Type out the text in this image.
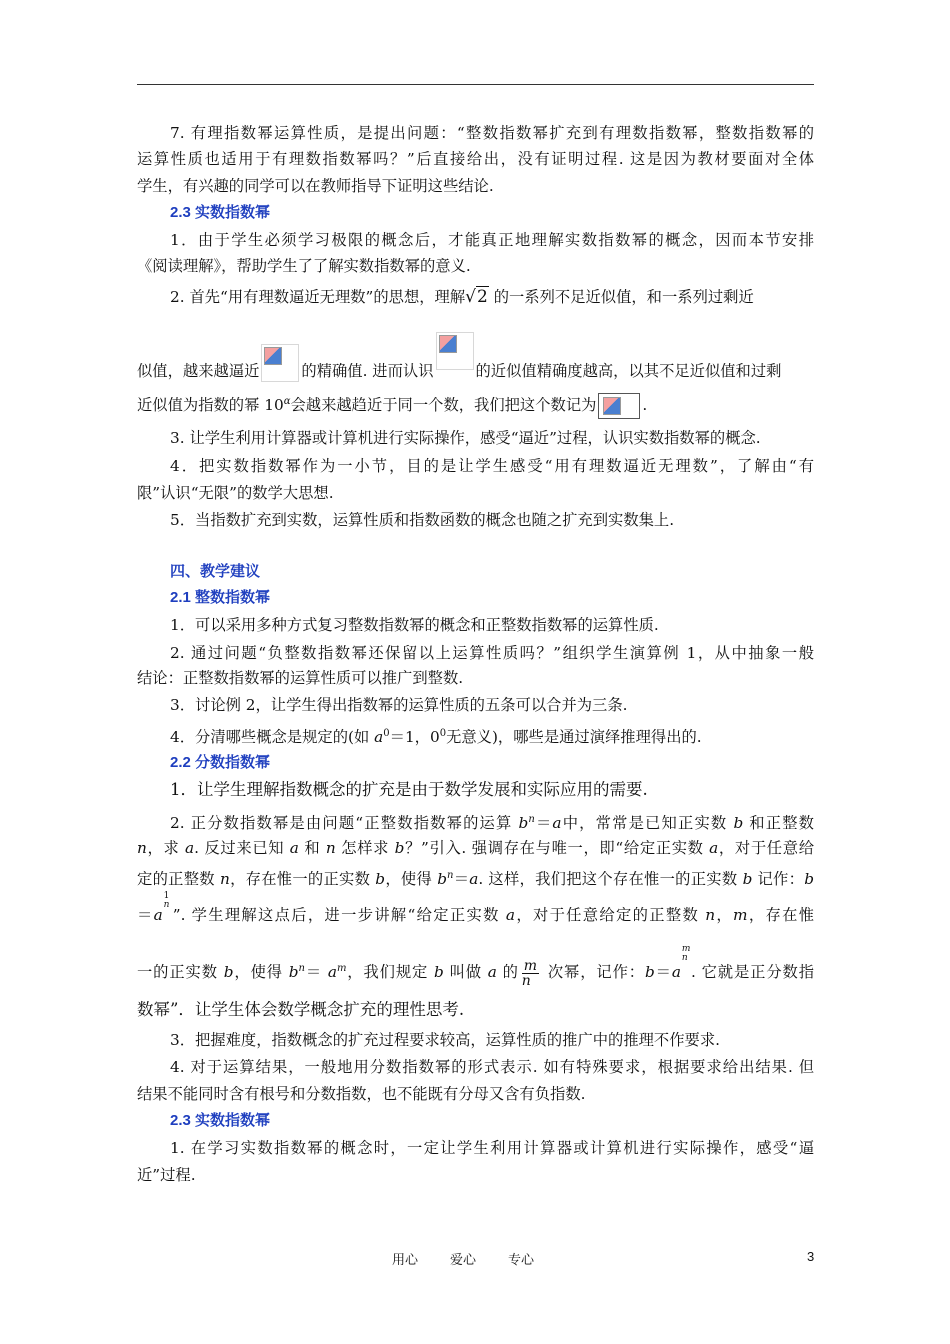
7. 有理指数幂运算性质，是提出问题：“整数指数幂扩充到有理数指数幂，整数指数幂的
运算性质也适用于有理数指数幂吗？”后直接给出，没有证明过程. 这是因为教材要面对全体
学生，有兴趣的同学可以在教师指导下证明这些结论.
2.3 实数指数幂
1．由于学生必须学习极限的概念后，才能真正地理解实数指数幂的概念，因而本节安排
《阅读理解》，帮助学生了了解实数指数幂的意义.
2. 首先“用有理数逼近无理数”的思想，理解√2 的一系列不足近似值，和一系列过剩近
似值，越来越逼近	的精确值. 进而认识	的近似值精确度越高，以其不足近似值和过剩
近似值为指数的幂 $10^\alpha$会越来越趋近于同一个数，我们把这个数记为	.
3. 让学生利用计算器或计算机进行实际操作，感受“逼近”过程，认识实数指数幂的概念.
4．把实数指数幂作为一小节，目的是让学生感受“用有理数逼近无理数”，了解由“有
限”认识“无限”的数学大思想.
5．当指数扩充到实数，运算性质和指数函数的概念也随之扩充到实数集上.
四、教学建议
2.1 整数指数幂
1．可以采用多种方式复习整数指数幂的概念和正整数指数幂的运算性质.
2. 通过问题“负整数指数幂还保留以上运算性质吗？”组织学生演算例 1，从中抽象一般
结论：正整数指数幂的运算性质可以推广到整数.
3．讨论例 2，让学生得出指数幂的运算性质的五条可以合并为三条.
4．分清哪些概念是规定的(如 $a^0=1$，$0^0$无意义)，哪些是通过演绎推理得出的.
2.2 分数指数幂
1．让学生理解指数概念的扩充是由于数学发展和实际应用的需要.
2. 正分数指数幂是由问题“正整数指数幂的运算 $b^n=a$中，常常是已知正实数 b 和正整数
n，求 a. 反过来已知 a 和 n 怎样求 b？”引入. 强调存在与唯一，即“给定正实数 a，对于任意给
定的正整数 n，存在惟一的正实数 b，使得 $b^n=a$. 这样，我们把这个存在惟一的正实数 b 记作：b
＝a
1
n
”. 学生理解这点后，进一步讲解“给定正实数 a，对于任意给定的正整数 n，m，存在惟
一的正实数 b，使得 $b^n= a^m$，我们规定 b 叫做 a 的 $\frac{m}{n}$ 次幂，记作：b＝a
m
n
. 它就是正分数指
数幂”．让学生体会数学概念扩充的理性思考.
3．把握难度，指数概念的扩充过程要求较高，运算性质的推广中的推理不作要求.
4. 对于运算结果，一般地用分数指数幂的形式表示. 如有特殊要求，根据要求给出结果. 但
结果不能同时含有根号和分数指数，也不能既有分母又含有负指数.
2.3 实数指数幂
1. 在学习实数指数幂的概念时，一定让学生利用计算器或计算机进行实际操作，感受“逼
近”过程.
用心 爱心 专心	3
